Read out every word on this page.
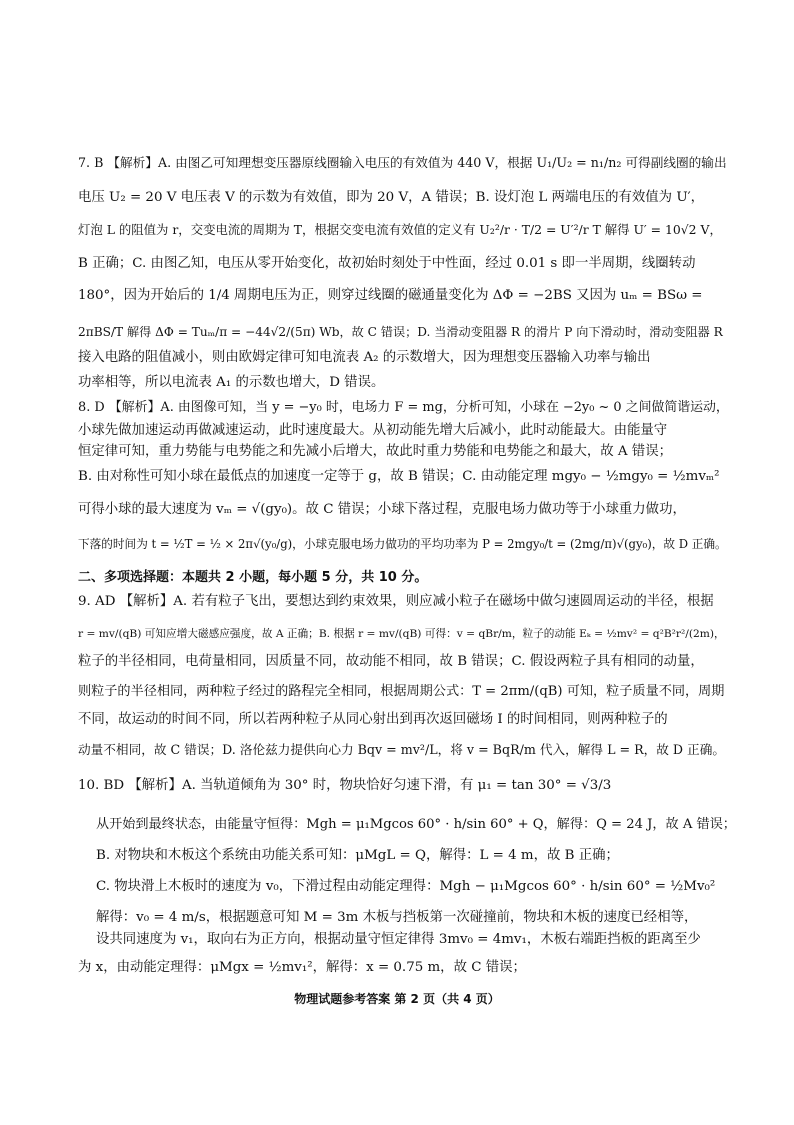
7. B 【解析】A. 由图乙可知理想变压器原线圈输入电压的有效值为 440 V，根据 U₁/U₂ = n₁/n₂ 可得副线圈的输出
电压 U₂ = 20 V 电压表 V 的示数为有效值，即为 20 V，A 错误；B. 设灯泡 L 两端电压的有效值为 U′，
灯泡 L 的阻值为 r，交变电流的周期为 T，根据交变电流有效值的定义有 U₂²/r · T/2 = U′²/r T 解得 U′ = 10√2 V，
B 正确；C. 由图乙知，电压从零开始变化，故初始时刻处于中性面，经过 0.01 s 即一半周期，线圈转动
180°，因为开始后的 1/4 周期电压为正，则穿过线圈的磁通量变化为 ΔΦ = −2BS 又因为 uₘ = BSω =
2πBS/T 解得 ΔΦ = Tuₘ/π = −44√2/(5π) Wb，故 C 错误；D. 当滑动变阻器 R 的滑片 P 向下滑动时，滑动变阻器 R
接入电路的阻值减小，则由欧姆定律可知电流表 A₂ 的示数增大，因为理想变压器输入功率与输出
功率相等，所以电流表 A₁ 的示数也增大，D 错误。
8. D 【解析】A. 由图像可知，当 y = −y₀ 时，电场力 F = mg，分析可知，小球在 −2y₀ ~ 0 之间做简谐运动，
小球先做加速运动再做减速运动，此时速度最大。从初动能先增大后减小，此时动能最大。由能量守
恒定律可知，重力势能与电势能之和先减小后增大，故此时重力势能和电势能之和最大，故 A 错误；
B. 由对称性可知小球在最低点的加速度一定等于 g，故 B 错误；C. 由动能定理 mgy₀ − ½mgy₀ = ½mvₘ²
可得小球的最大速度为 vₘ = √(gy₀)。故 C 错误；小球下落过程，克服电场力做功等于小球重力做功，
下落的时间为 t = ½T = ½ × 2π√(y₀/g)，小球克服电场力做功的平均功率为 P = 2mgy₀/t = (2mg/π)√(gy₀)，故 D 正确。
二、多项选择题：本题共 2 小题，每小题 5 分，共 10 分。
9. AD 【解析】A. 若有粒子飞出，要想达到约束效果，则应减小粒子在磁场中做匀速圆周运动的半径，根据
r = mv/(qB) 可知应增大磁感应强度，故 A 正确；B. 根据 r = mv/(qB) 可得：v = qBr/m，粒子的动能 Eₖ = ½mv² = q²B²r²/(2m)，
粒子的半径相同，电荷量相同，因质量不同，故动能不相同，故 B 错误；C. 假设两粒子具有相同的动量，
则粒子的半径相同，两种粒子经过的路程完全相同，根据周期公式：T = 2πm/(qB) 可知，粒子质量不同，周期
不同，故运动的时间不同，所以若两种粒子从同心射出到再次返回磁场 Ⅰ 的时间相同，则两种粒子的
动量不相同，故 C 错误；D. 洛伦兹力提供向心力 Bqv = mv²/L，将 v = BqR/m 代入，解得 L = R，故 D 正确。
10. BD 【解析】A. 当轨道倾角为 30° 时，物块恰好匀速下滑，有 μ₁ = tan 30° = √3/3
从开始到最终状态，由能量守恒得：Mgh = μ₁Mgcos 60° · h/sin 60° + Q，解得：Q = 24 J，故 A 错误；
B. 对物块和木板这个系统由功能关系可知：μMgL = Q，解得：L = 4 m，故 B 正确；
C. 物块滑上木板时的速度为 v₀，下滑过程由动能定理得：Mgh − μ₁Mgcos 60° · h/sin 60° = ½Mv₀²
解得：v₀ = 4 m/s，根据题意可知 M = 3m 木板与挡板第一次碰撞前，物块和木板的速度已经相等，
设共同速度为 v₁，取向右为正方向，根据动量守恒定律得 3mv₀ = 4mv₁，木板右端距挡板的距离至少
为 x，由动能定理得：μMgx = ½mv₁²，解得：x = 0.75 m，故 C 错误；
物理试题参考答案 第 2 页（共 4 页）
